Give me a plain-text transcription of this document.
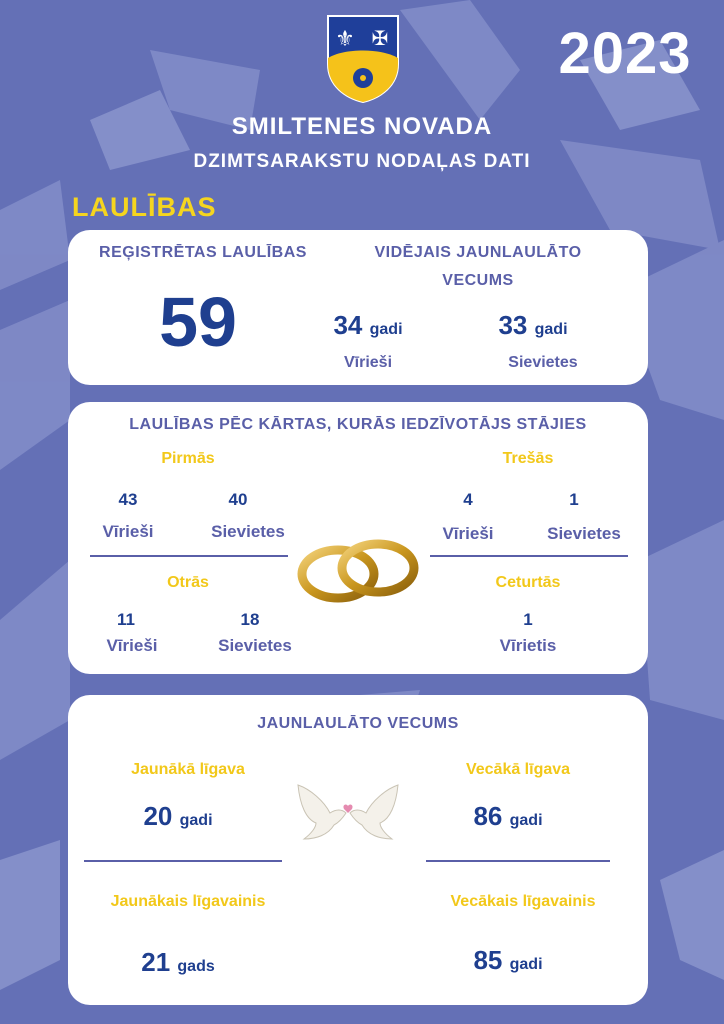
2023
⚜ ✠
SMILTENES NOVADA
DZIMTSARAKSTU NODAĻAS DATI
LAULĪBAS
REĢISTRĒTAS LAULĪBAS
59
VIDĒJAIS JAUNLAULĀTO
VECUMS
34 gadi
Vīrieši
33 gadi
Sievietes
LAULĪBAS PĒC KĀRTAS, KURĀS IEDZĪVOTĀJS STĀJIES
Pirmās
43	40
Vīrieši	Sievietes
Trešās
4	1
Vīrieši	Sievietes
Otrās
11	18
Vīrieši	Sievietes
Ceturtās
1
Vīrietis
JAUNLAULĀTO VECUMS
Jaunākā līgava
20 gadi
Vecākā līgava
86 gadi
Jaunākais līgavainis
21 gads
Vecākais līgavainis
85 gadi
